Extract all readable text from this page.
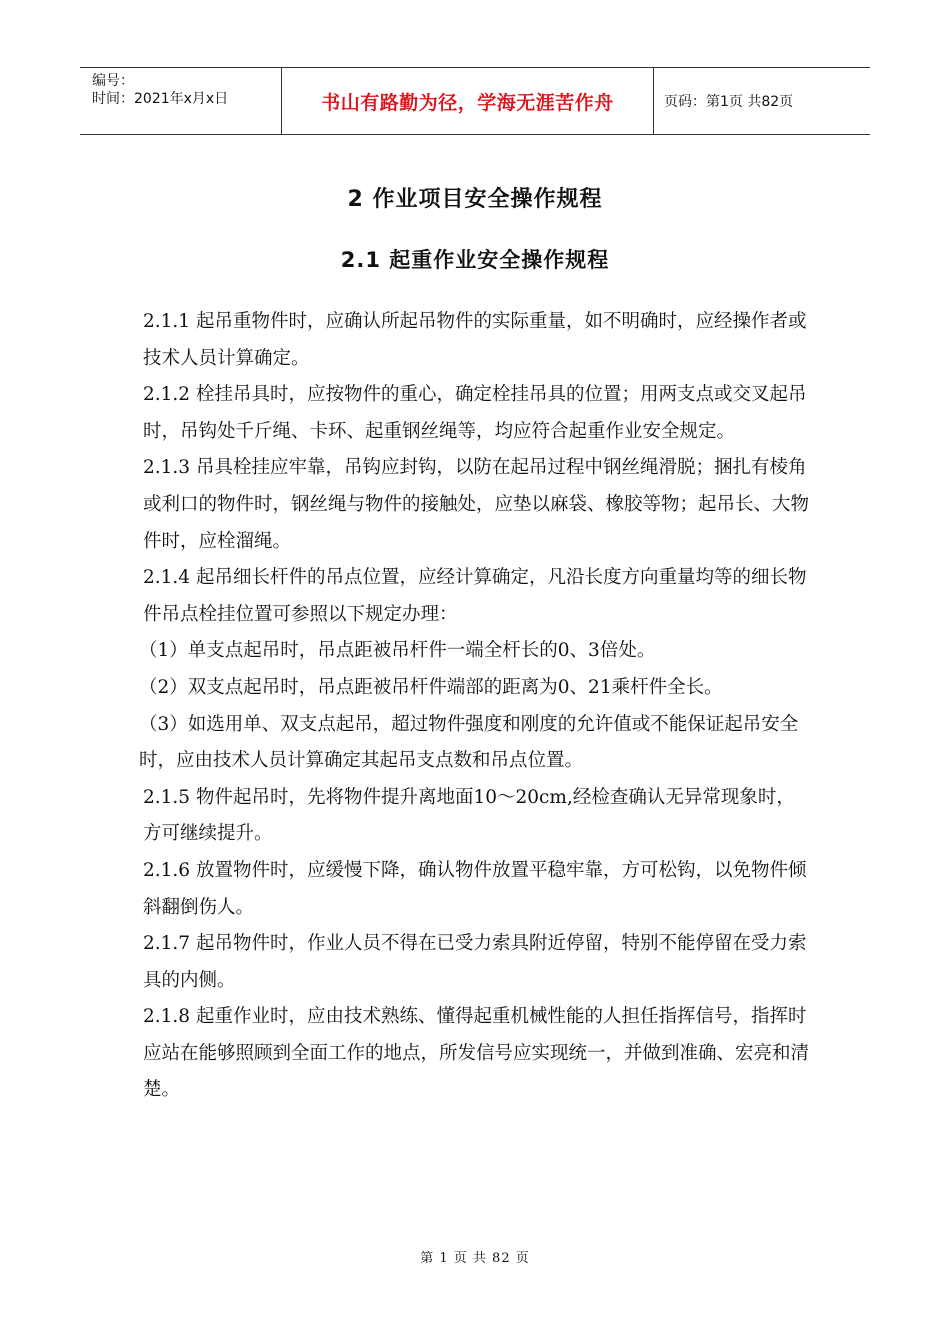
编号：
时间：2021年x月x日	书山有路勤为径，学海无涯苦作舟	页码：第1页 共82页
2 作业项目安全操作规程
2.1 起重作业安全操作规程

2.1.1 起吊重物件时，应确认所起吊物件的实际重量，如不明确时，应经操作者或技术人员计算确定。

2.1.2 栓挂吊具时，应按物件的重心，确定栓挂吊具的位置；用两支点或交叉起吊时，吊钩处千斤绳、卡环、起重钢丝绳等，均应符合起重作业安全规定。

2.1.3 吊具栓挂应牢靠，吊钩应封钩，以防在起吊过程中钢丝绳滑脱；捆扎有棱角或利口的物件时，钢丝绳与物件的接触处，应垫以麻袋、橡胶等物；起吊长、大物件时，应栓溜绳。

2.1.4 起吊细长杆件的吊点位置，应经计算确定，凡沿长度方向重量均等的细长物件吊点栓挂位置可参照以下规定办理：

（1）单支点起吊时，吊点距被吊杆件一端全杆长的0、3倍处。

（2）双支点起吊时，吊点距被吊杆件端部的距离为0、21乘杆件全长。

（3）如选用单、双支点起吊，超过物件强度和刚度的允许值或不能保证起吊安全时，应由技术人员计算确定其起吊支点数和吊点位置。

2.1.5 物件起吊时，先将物件提升离地面10～20cm,经检查确认无异常现象时，方可继续提升。

2.1.6 放置物件时，应缓慢下降，确认物件放置平稳牢靠，方可松钩，以免物件倾斜翻倒伤人。

2.1.7 起吊物件时，作业人员不得在已受力索具附近停留，特别不能停留在受力索具的内侧。

2.1.8 起重作业时，应由技术熟练、懂得起重机械性能的人担任指挥信号，指挥时应站在能够照顾到全面工作的地点，所发信号应实现统一，并做到准确、宏亮和清楚。

第 1 页 共 82 页
